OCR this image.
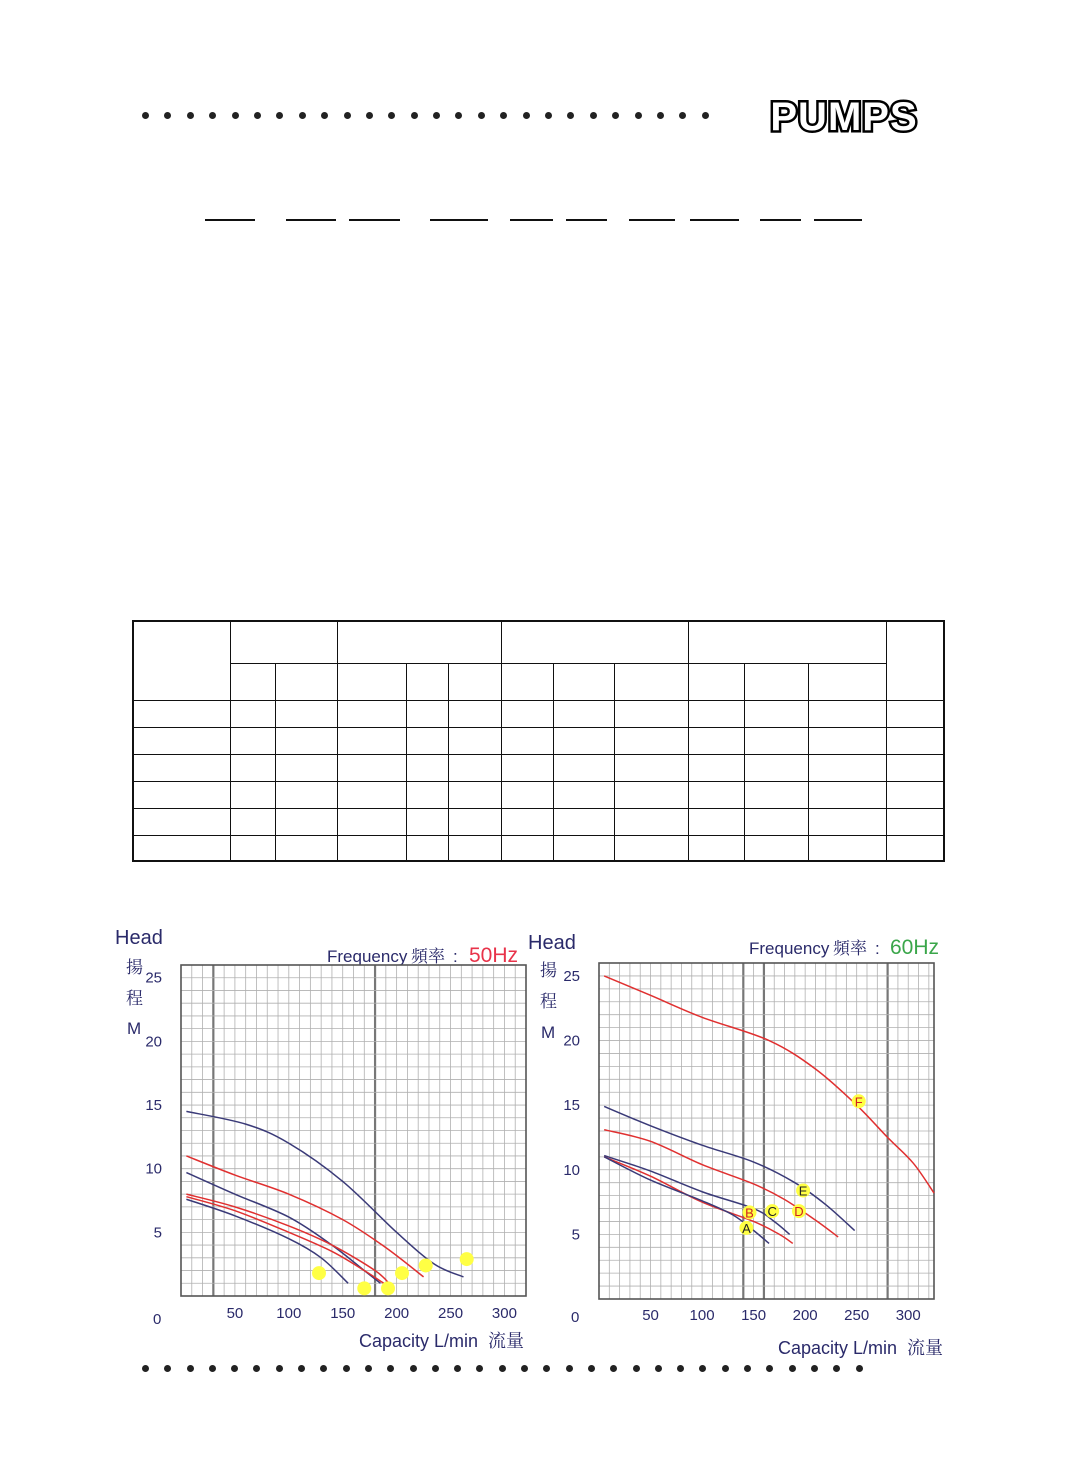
PUMPS

Head
揚
程
M
Frequency 頻率 : 50Hz
0
Capacity L/min 流量
50 100 150 200 250 300
5
10
15
20
25
Head
揚
程
M
Frequency 頻率 : 60Hz
0
Capacity L/min 流量
50 100 150 200 250 300
5
10
15
20
25
A
B C D
E
F
